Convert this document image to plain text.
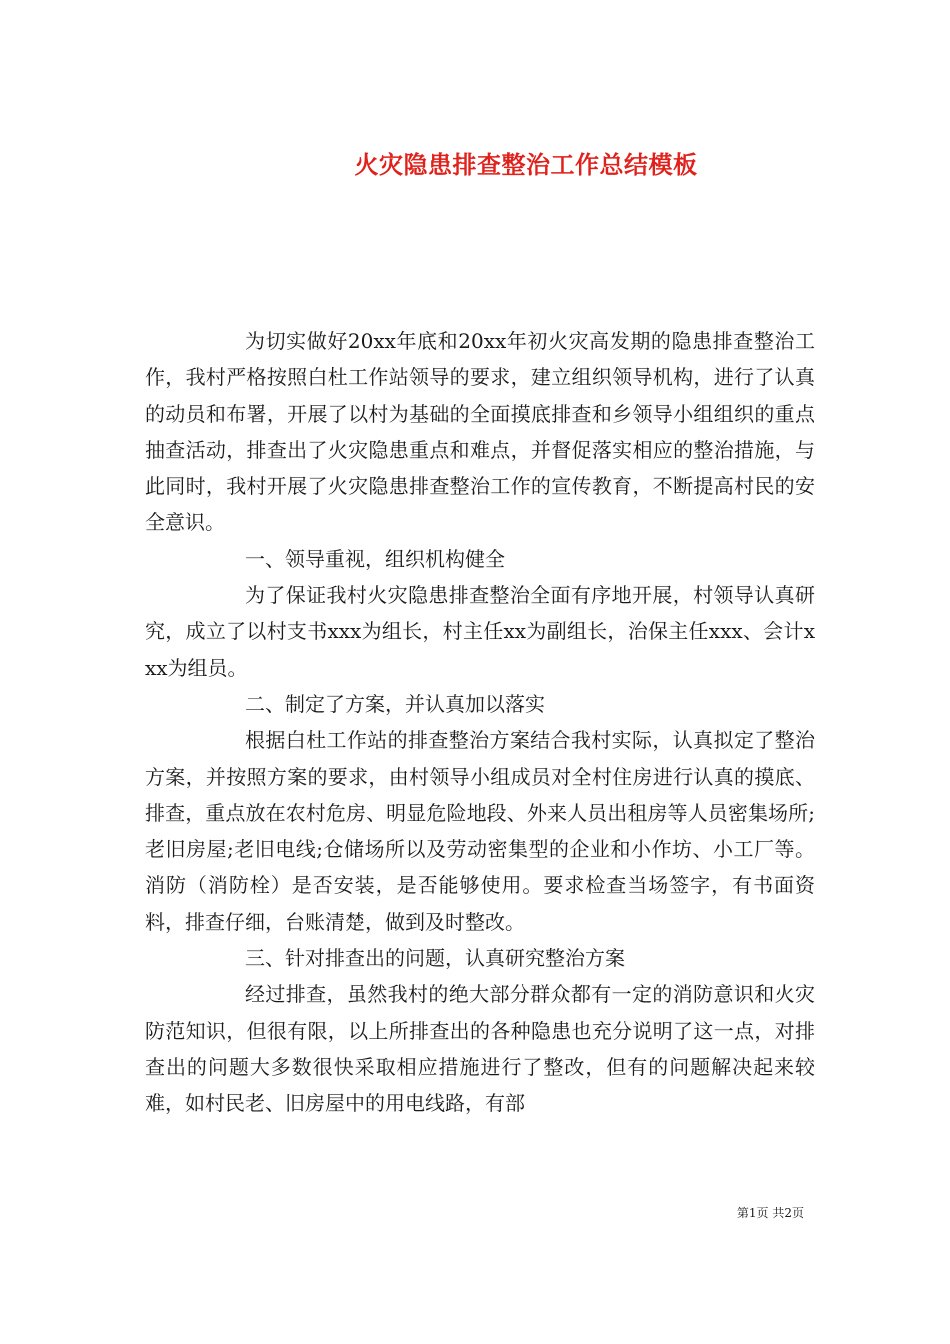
火灾隐患排查整治工作总结模板

为切实做好20xx年底和20xx年初火灾高发期的隐患排查整治工作，我村严格按照白杜工作站领导的要求，建立组织领导机构，进行了认真的动员和布署，开展了以村为基础的全面摸底排查和乡领导小组组织的重点抽查活动，排查出了火灾隐患重点和难点，并督促落实相应的整治措施，与此同时，我村开展了火灾隐患排查整治工作的宣传教育，不断提高村民的安全意识。

一、领导重视，组织机构健全

为了保证我村火灾隐患排查整治全面有序地开展，村领导认真研究，成立了以村支书xxx为组长，村主任xx为副组长，治保主任xxx、会计xxx为组员。

二、制定了方案，并认真加以落实

根据白杜工作站的排查整治方案结合我村实际，认真拟定了整治方案，并按照方案的要求，由村领导小组成员对全村住房进行认真的摸底、排查，重点放在农村危房、明显危险地段、外来人员出租房等人员密集场所;老旧房屋;老旧电线;仓储场所以及劳动密集型的企业和小作坊、小工厂等。消防（消防栓）是否安装，是否能够使用。要求检查当场签字，有书面资料，排查仔细，台账清楚，做到及时整改。

三、针对排查出的问题，认真研究整治方案

经过排查，虽然我村的绝大部分群众都有一定的消防意识和火灾防范知识，但很有限，以上所排查出的各种隐患也充分说明了这一点，对排查出的问题大多数很快采取相应措施进行了整改，但有的问题解决起来较难，如村民老、旧房屋中的用电线路，有部

第1页 共2页
